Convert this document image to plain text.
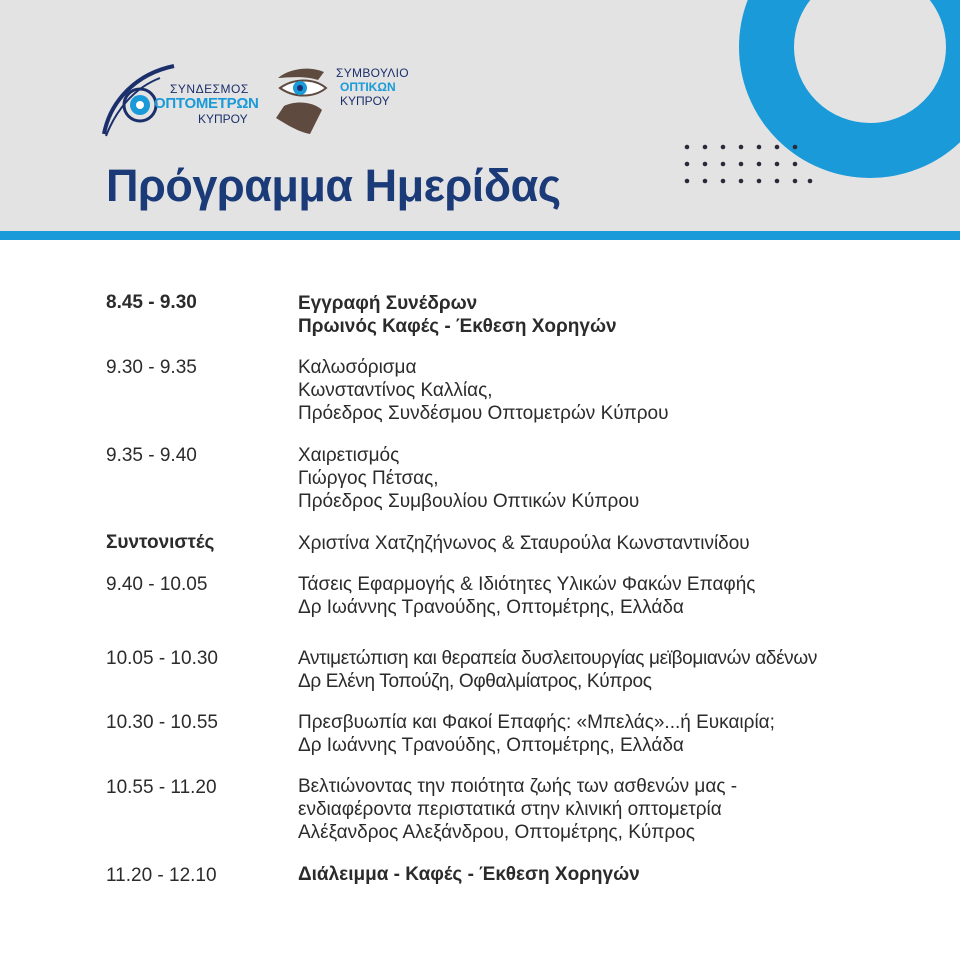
ΣΥΝΔΕΣΜΟΣ
ΟΠΤΟΜΕΤΡΩΝ
ΚΥΠΡΟΥ
ΣΥΜΒΟΥΛΙΟ
ΟΠΤΙΚΩΝ
ΚΥΠΡΟΥ
Πρόγραμμα Ημερίδας
8.45 - 9.30	Εγγραφή Συνέδρων
Πρωινός Καφές - Έκθεση Χορηγών
9.30 - 9.35	Καλωσόρισμα
Κωνσταντίνος Καλλίας,
Πρόεδρος Συνδέσμου Οπτομετρών Κύπρου
9.35 - 9.40	Χαιρετισμός
Γιώργος Πέτσας,
Πρόεδρος Συμβουλίου Οπτικών Κύπρου
Συντονιστές	Χριστίνα Χατζηζήνωνος & Σταυρούλα Κωνσταντινίδου
9.40 - 10.05	Τάσεις Εφαρμογής & Ιδιότητες Υλικών Φακών Επαφής
Δρ Ιωάννης Τρανούδης, Οπτομέτρης, Ελλάδα
10.05 - 10.30	Αντιμετώπιση και θεραπεία δυσλειτουργίας μεϊβομιανών αδένων
Δρ Ελένη Τοπούζη, Οφθαλμίατρος, Κύπρος
10.30 - 10.55	Πρεσβυωπία και Φακοί Επαφής: «Μπελάς»...ή Ευκαιρία;
Δρ Ιωάννης Τρανούδης, Οπτομέτρης, Ελλάδα
10.55 - 11.20	Βελτιώνοντας την ποιότητα ζωής των ασθενών μας -
ενδιαφέροντα περιστατικά στην κλινική οπτομετρία
Αλέξανδρος Αλεξάνδρου, Οπτομέτρης, Κύπρος
11.20 - 12.10	Διάλειμμα - Καφές - Έκθεση Χορηγών
